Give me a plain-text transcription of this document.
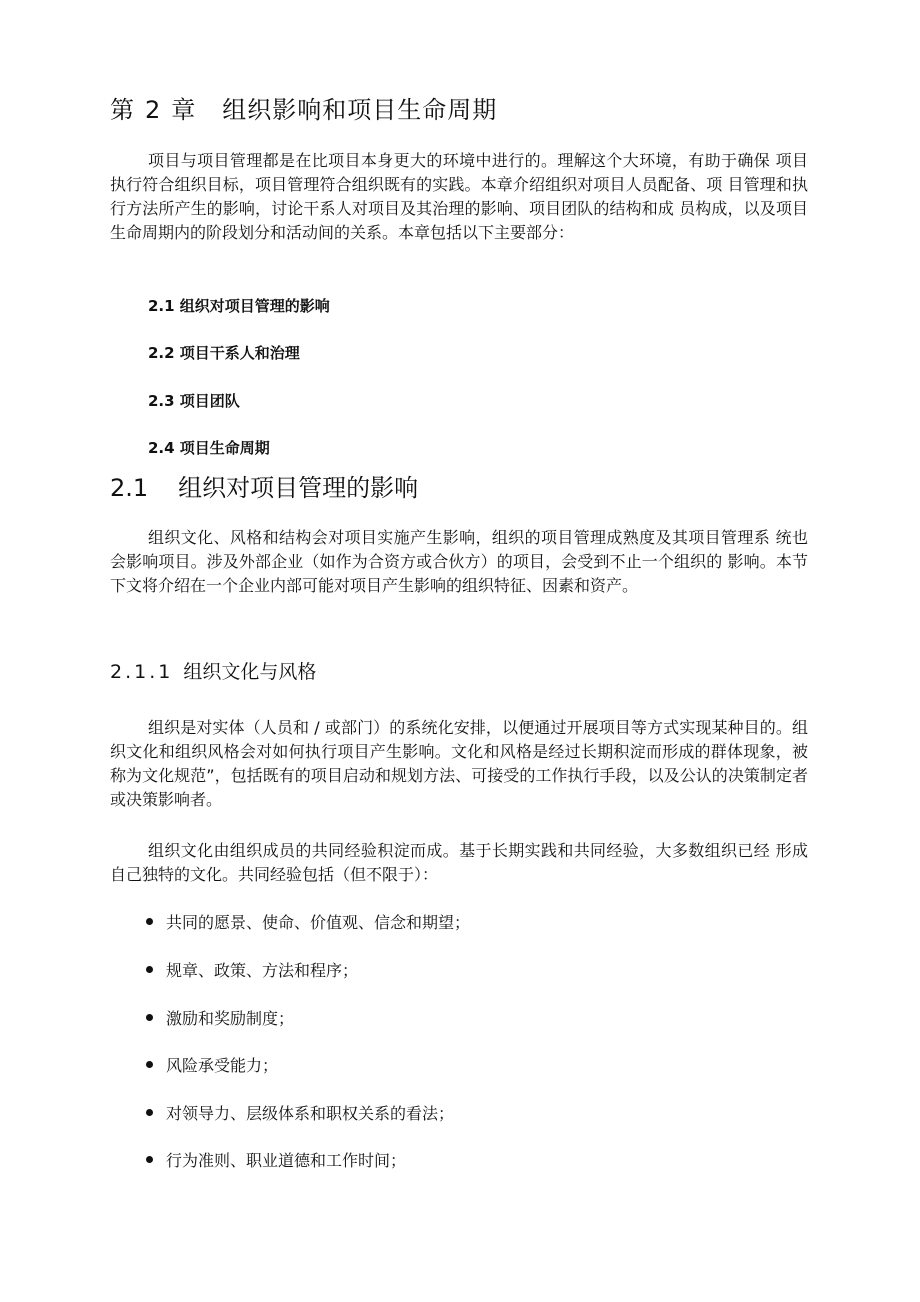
第 2 章 组织影响和项目生命周期

项目与项目管理都是在比项目本身更大的环境中进行的。理解这个大环境，有助于确保 项目执行符合组织目标，项目管理符合组织既有的实践。本章介绍组织对项目人员配备、项 目管理和执行方法所产生的影响，讨论干系人对项目及其治理的影响、项目团队的结构和成 员构成，以及项目生命周期内的阶段划分和活动间的关系。本章包括以下主要部分：

2.1 组织对项目管理的影响
2.2 项目干系人和治理
2.3 项目团队
2.4 项目生命周期
2.1 组织对项目管理的影响

组织文化、风格和结构会对项目实施产生影响，组织的项目管理成熟度及其项目管理系 统也会影响项目。涉及外部企业（如作为合资方或合伙方）的项目，会受到不止一个组织的 影响。本节下文将介绍在一个企业内部可能对项目产生影响的组织特征、因素和资产。

2.1.1 组织文化与风格

组织是对实体（人员和 / 或部门）的系统化安排，以便通过开展项目等方式实现某种目的。组织文化和组织风格会对如何执行项目产生影响。文化和风格是经过长期积淀而形成的群体现象，被称为文化规范”，包括既有的项目启动和规划方法、可接受的工作执行手段，以及公认的决策制定者或决策影响者。

组织文化由组织成员的共同经验积淀而成。基于长期实践和共同经验，大多数组织已经 形成自己独特的文化。共同经验包括（但不限于）：

共同的愿景、使命、价值观、信念和期望；
规章、政策、方法和程序；
激励和奖励制度；
风险承受能力；
对领导力、层级体系和职权关系的看法；
行为准则、职业道德和工作时间；
